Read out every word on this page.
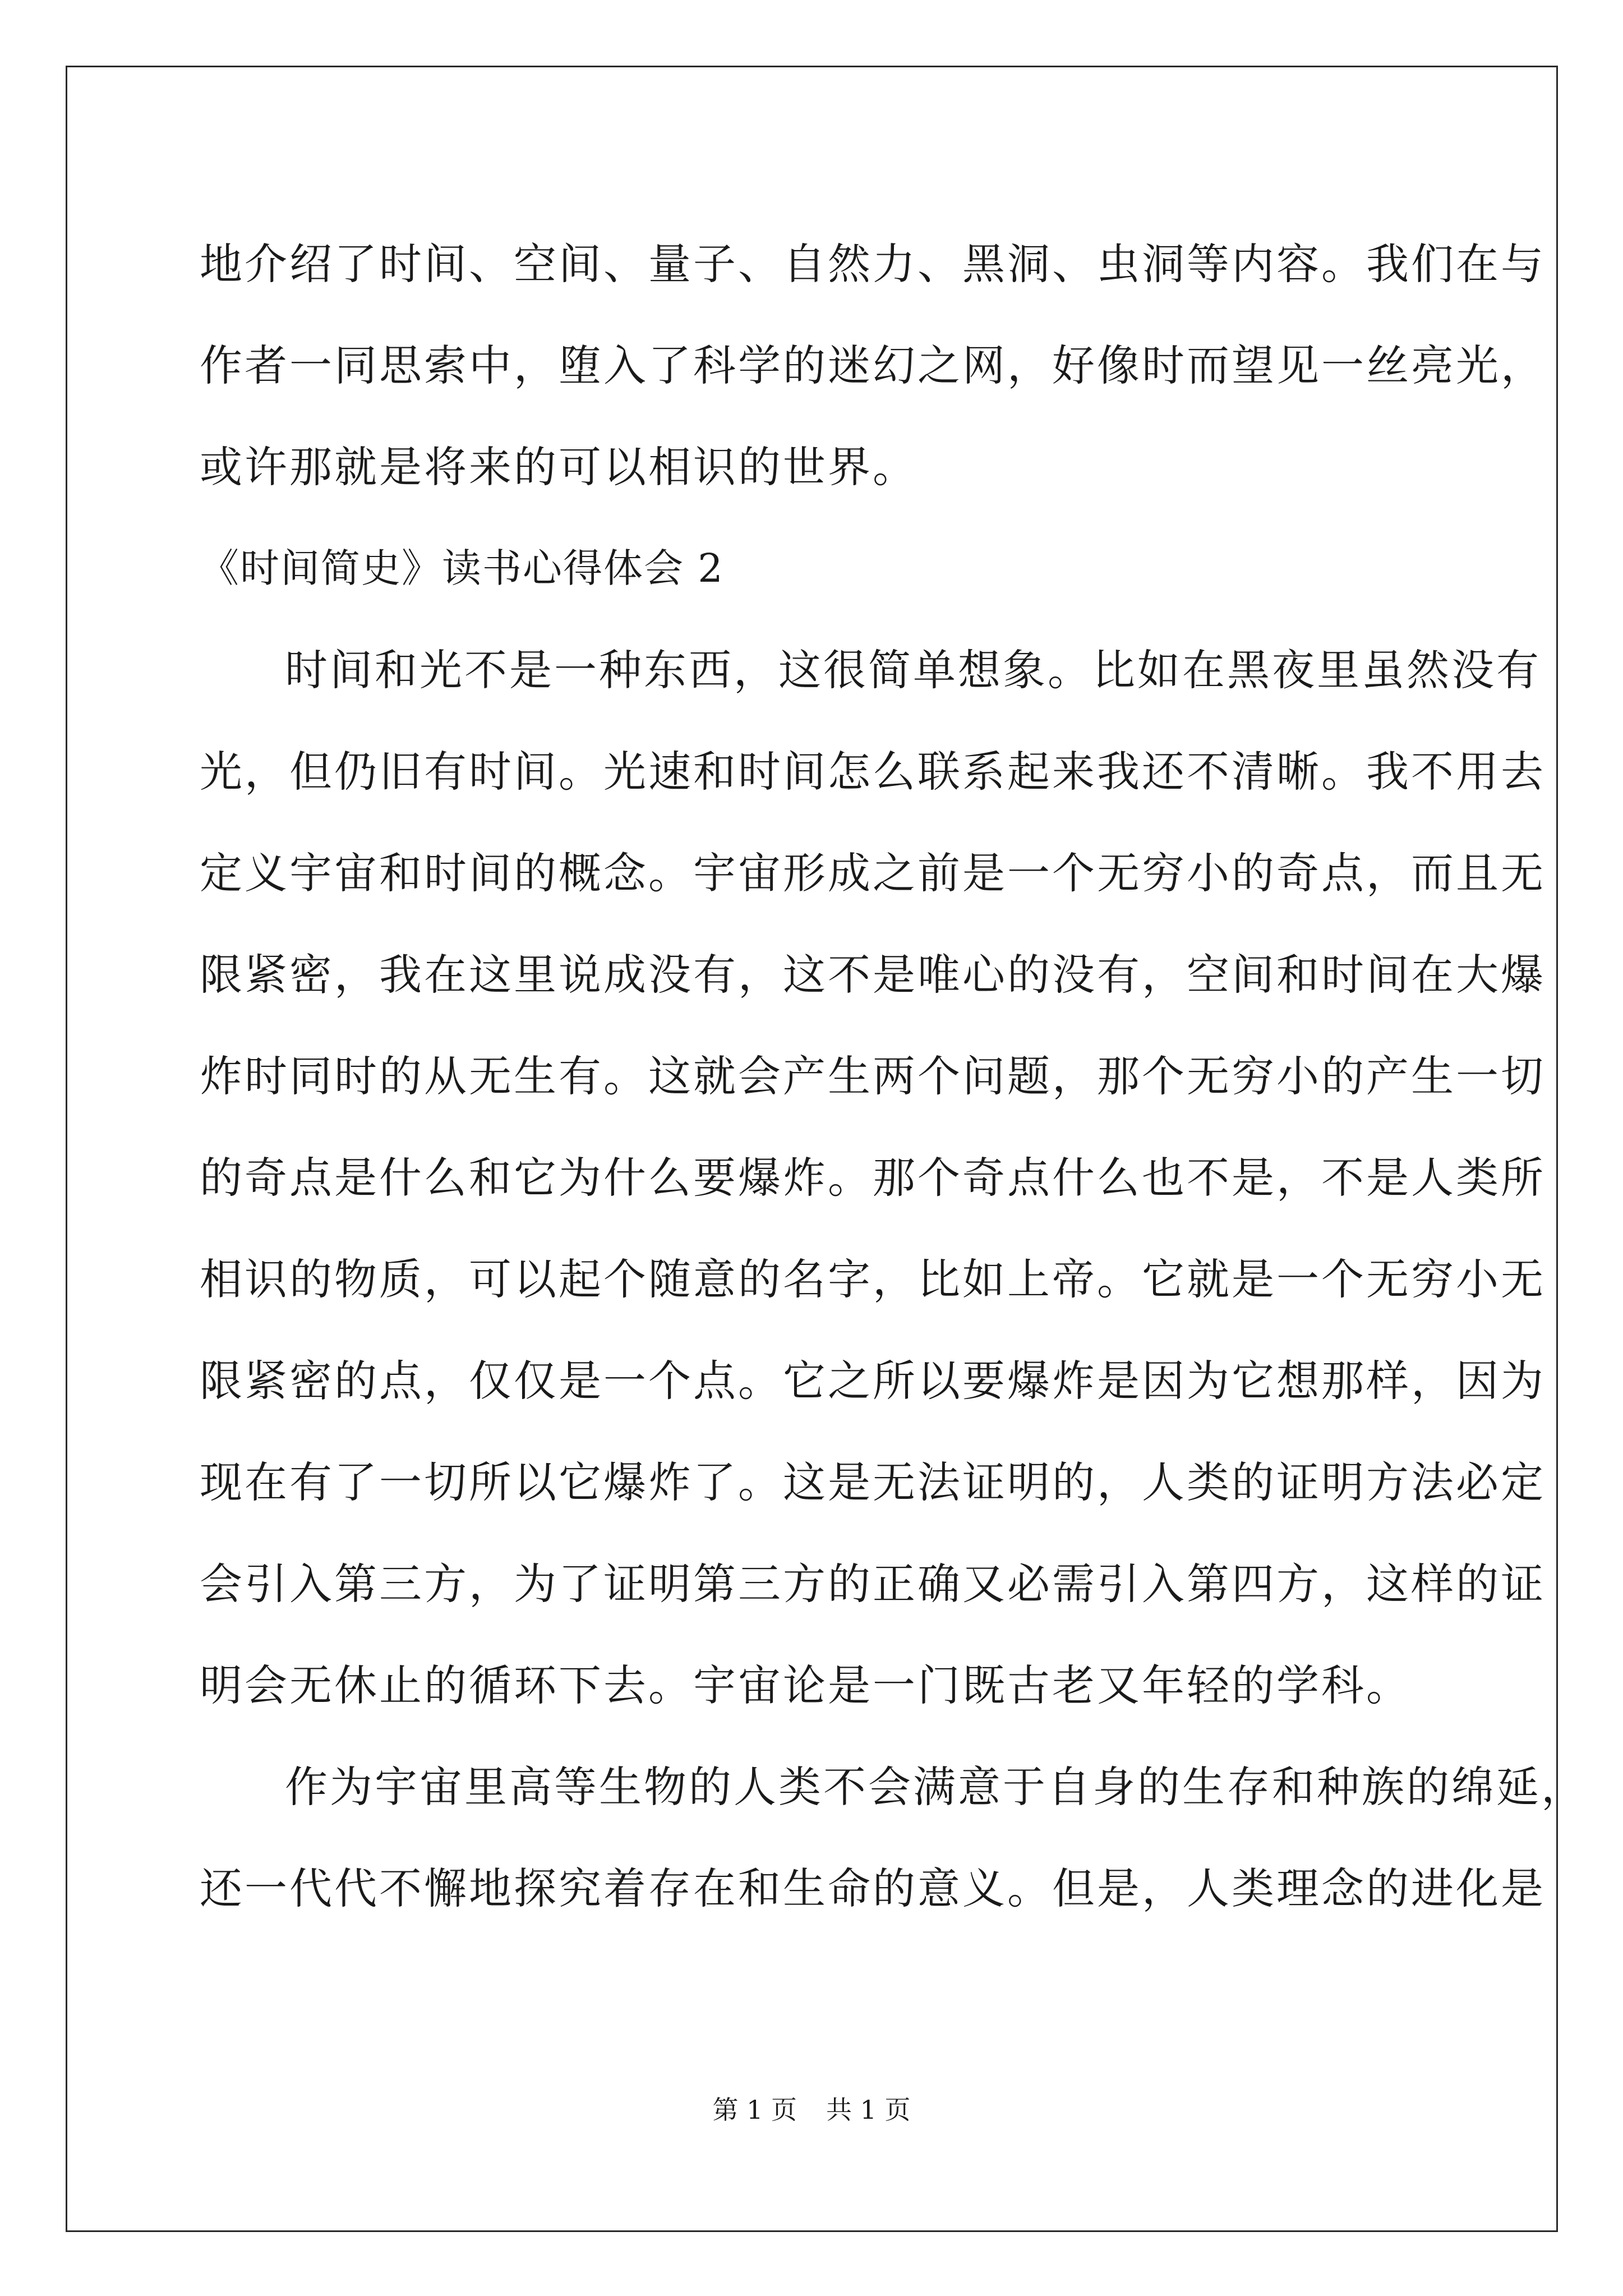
地介绍了时间、空间、量子、自然力、黑洞、虫洞等内容。我们在与
作者一同思索中，堕入了科学的迷幻之网，好像时而望见一丝亮光，
或许那就是将来的可以相识的世界。
《时间简史》读书心得体会 2
时间和光不是一种东西，这很简单想象。比如在黑夜里虽然没有
光，但仍旧有时间。光速和时间怎么联系起来我还不清晰。我不用去
定义宇宙和时间的概念。宇宙形成之前是一个无穷小的奇点，而且无
限紧密，我在这里说成没有，这不是唯心的没有，空间和时间在大爆
炸时同时的从无生有。这就会产生两个问题，那个无穷小的产生一切
的奇点是什么和它为什么要爆炸。那个奇点什么也不是，不是人类所
相识的物质，可以起个随意的名字，比如上帝。它就是一个无穷小无
限紧密的点，仅仅是一个点。它之所以要爆炸是因为它想那样，因为
现在有了一切所以它爆炸了。这是无法证明的，人类的证明方法必定
会引入第三方，为了证明第三方的正确又必需引入第四方，这样的证
明会无休止的循环下去。宇宙论是一门既古老又年轻的学科。
作为宇宙里高等生物的人类不会满意于自身的生存和种族的绵延，
还一代代不懈地探究着存在和生命的意义。但是，人类理念的进化是
第 1 页 共 1 页
